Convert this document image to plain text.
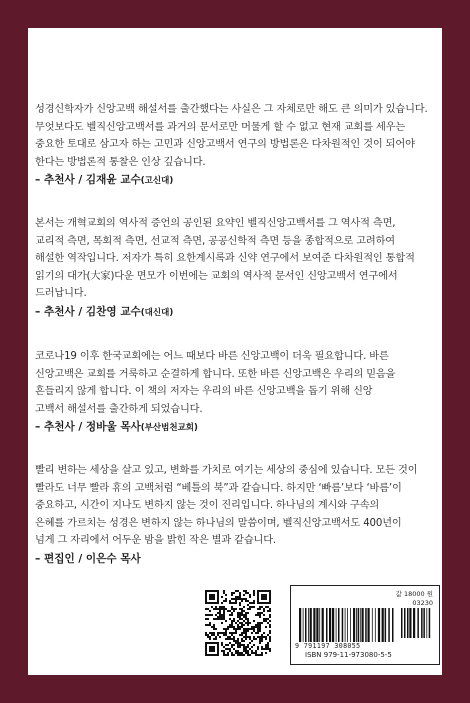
성경신학자가 신앙고백 해설서를 출간했다는 사실은 그 자체로만 해도 큰 의미가 있습니다.

무엇보다도 벨직신앙고백서를 과거의 문서로만 머물게 할 수 없고 현재 교회를 세우는

중요한 토대로 삼고자 하는 고민과 신앙고백서 연구의 방법론은 다차원적인 것이 되어야

한다는 방법론적 통찰은 인상 깊습니다.

– 추천사 / 김재윤 교수(고신대)

본서는 개혁교회의 역사적 증언의 공인된 요약인 벨직신앙고백서를 그 역사적 측면,

교리적 측면, 목회적 측면, 선교적 측면, 공공신학적 측면 등을 종합적으로 고려하여

해설한 역작입니다. 저자가 특히 요한계시록과 신약 연구에서 보여준 다차원적인 통합적

읽기의 대가(大家)다운 면모가 이번에는 교회의 역사적 문서인 신앙고백서 연구에서

드러납니다.

– 추천사 / 김찬영 교수(대신대)

코로나19 이후 한국교회에는 어느 때보다 바른 신앙고백이 더욱 필요합니다. 바른

신앙고백은 교회를 거룩하고 순결하게 합니다. 또한 바른 신앙고백은 우리의 믿음을

흔들리지 않게 합니다. 이 책의 저자는 우리의 바른 신앙고백을 돕기 위해 신앙

고백서 해설서를 출간하게 되었습니다.

– 추천사 / 정바울 목사(부산범천교회)

빨리 변하는 세상을 살고 있고, 변화를 가치로 여기는 세상의 중심에 있습니다. 모든 것이

빨라도 너무 빨라 휴의 고백처럼 “베틀의 북”과 같습니다. 하지만 ‘빠름’보다 ‘바름’이

중요하고, 시간이 지나도 변하지 않는 것이 진리입니다. 하나님의 계시와 구속의

은혜를 가르치는 성경은 변하지 않는 하나님의 말씀이며, 벨직신앙고백서도 400년이

넘게 그 자리에서 어두운 밤을 밝힌 작은 별과 같습니다.

– 편집인 / 이은수 목사
값 18000 원
03230
9 791197 308055
ISBN 979-11-973080-5-5
